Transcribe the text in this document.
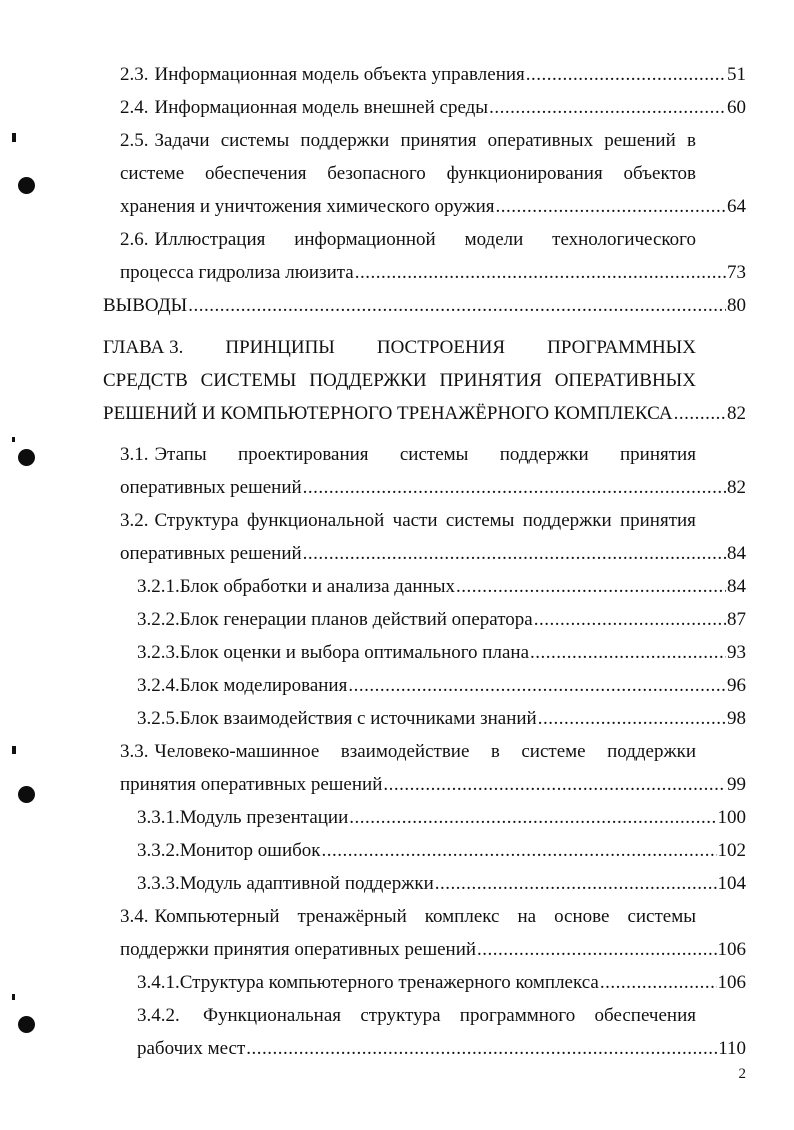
2.3. Информационная модель объекта управления .....	51
2.4. Информационная модель внешней среды .....	60
2.5. Задачи системы поддержки принятия оперативных решений в
системе обеспечения безопасного функционирования объектов
хранения и уничтожения химического оружия .....	64
2.6. Иллюстрация информационной модели технологического
процесса гидролиза люизита .....	73
ВЫВОДЫ .....	80
ГЛАВА 3. ПРИНЦИПЫ ПОСТРОЕНИЯ ПРОГРАММНЫХ
СРЕДСТВ СИСТЕМЫ ПОДДЕРЖКИ ПРИНЯТИЯ ОПЕРАТИВНЫХ
РЕШЕНИЙ И КОМПЬЮТЕРНОГО ТРЕНАЖЁРНОГО КОМПЛЕКСА .....	82
3.1. Этапы проектирования системы поддержки принятия
оперативных решений .....	82
3.2. Структура функциональной части системы поддержки принятия
оперативных решений .....	84
3.2.1. Блок обработки и анализа данных .....	84
3.2.2. Блок генерации планов действий оператора .....	87
3.2.3. Блок оценки и выбора оптимального плана .....	93
3.2.4. Блок моделирования .....	96
3.2.5. Блок взаимодействия с источниками знаний .....	98
3.3. Человеко-машинное взаимодействие в системе поддержки
принятия оперативных решений .....	99
3.3.1. Модуль презентации .....	100
3.3.2. Монитор ошибок .....	102
3.3.3. Модуль адаптивной поддержки .....	104
3.4. Компьютерный тренажёрный комплекс на основе системы
поддержки принятия оперативных решений .....	106
3.4.1. Структура компьютерного тренажерного комплекса .....	106
3.4.2. Функциональная структура программного обеспечения
рабочих мест .....	110
2
